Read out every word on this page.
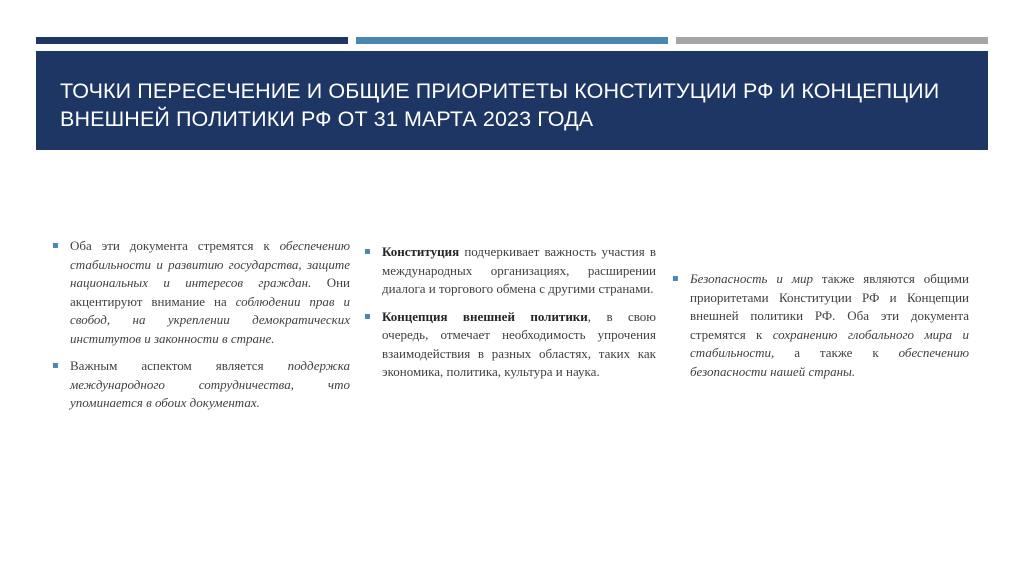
ТОЧКИ ПЕРЕСЕЧЕНИЕ И ОБЩИЕ ПРИОРИТЕТЫ КОНСТИТУЦИИ РФ И КОНЦЕПЦИИ ВНЕШНЕЙ ПОЛИТИКИ РФ ОТ 31 МАРТА 2023 ГОДА

▪ Оба эти документа стремятся к обеспечению стабильности и развитию государства, защите национальных и интересов граждан. Они акцентируют внимание на соблюдении прав и свобод, на укреплении демократических институтов и законности в стране.

▪ Важным аспектом является поддержка международного сотрудничества, что упоминается в обоих документах.

▪ Конституция подчеркивает важность участия в международных организациях, расширении диалога и торгового обмена с другими странами.

▪ Концепция внешней политики, в свою очередь, отмечает необходимость упрочения взаимодействия в разных областях, таких как экономика, политика, культура и наука.

▪ Безопасность и мир также являются общими приоритетами Конституции РФ и Концепции внешней политики РФ. Оба эти документа стремятся к сохранению глобального мира и стабильности, а также к обеспечению безопасности нашей страны.
